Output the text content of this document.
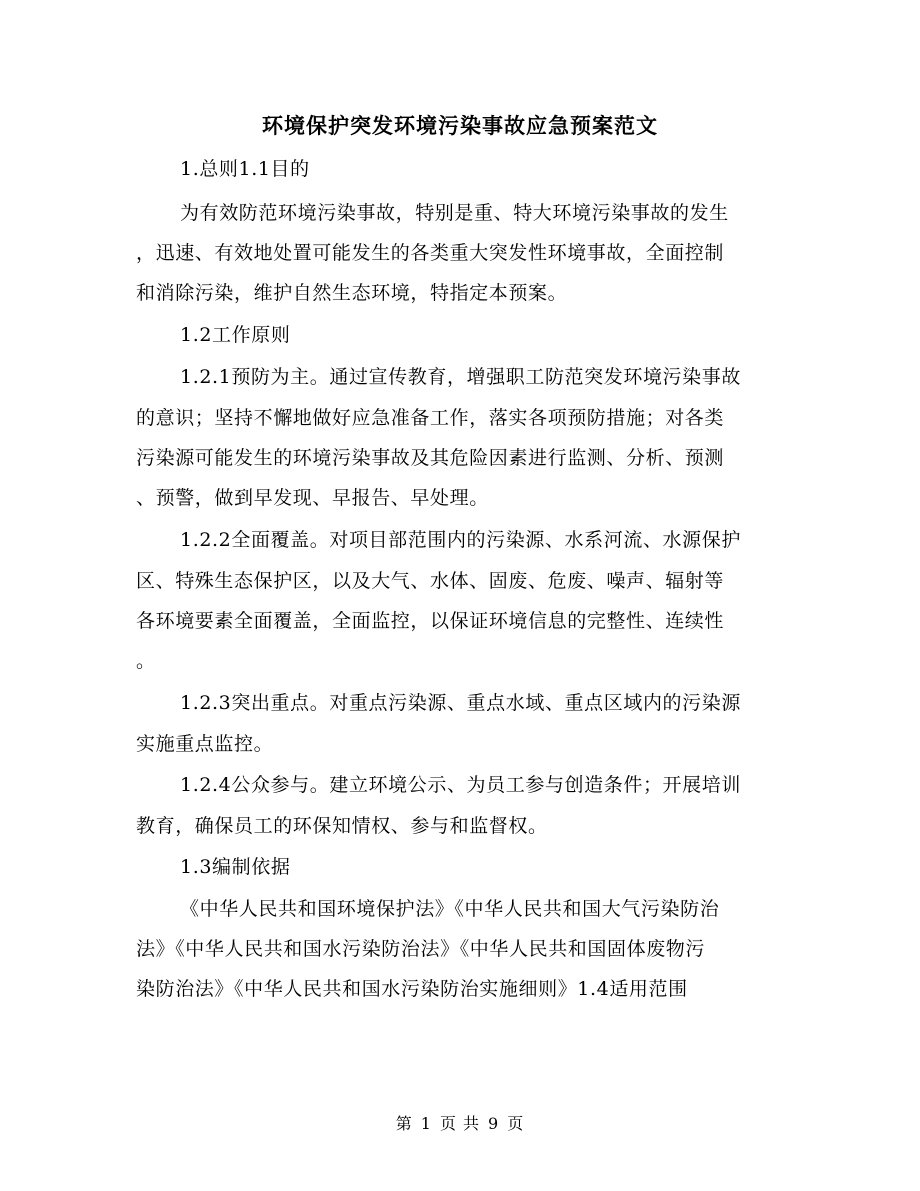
环境保护突发环境污染事故应急预案范文
1.总则1.1目的
为有效防范环境污染事故，特别是重、特大环境污染事故的发生
，迅速、有效地处置可能发生的各类重大突发性环境事故，全面控制
和消除污染，维护自然生态环境，特指定本预案。
1.2工作原则
1.2.1预防为主。通过宣传教育，增强职工防范突发环境污染事故
的意识；坚持不懈地做好应急准备工作，落实各项预防措施；对各类
污染源可能发生的环境污染事故及其危险因素进行监测、分析、预测
、预警，做到早发现、早报告、早处理。
1.2.2全面覆盖。对项目部范围内的污染源、水系河流、水源保护
区、特殊生态保护区，以及大气、水体、固废、危废、噪声、辐射等
各环境要素全面覆盖，全面监控，以保证环境信息的完整性、连续性
。
1.2.3突出重点。对重点污染源、重点水域、重点区域内的污染源
实施重点监控。
1.2.4公众参与。建立环境公示、为员工参与创造条件；开展培训
教育，确保员工的环保知情权、参与和监督权。
1.3编制依据
《中华人民共和国环境保护法》《中华人民共和国大气污染防治
法》《中华人民共和国水污染防治法》《中华人民共和国固体废物污
染防治法》《中华人民共和国水污染防治实施细则》1.4适用范围
第 1 页 共 9 页
